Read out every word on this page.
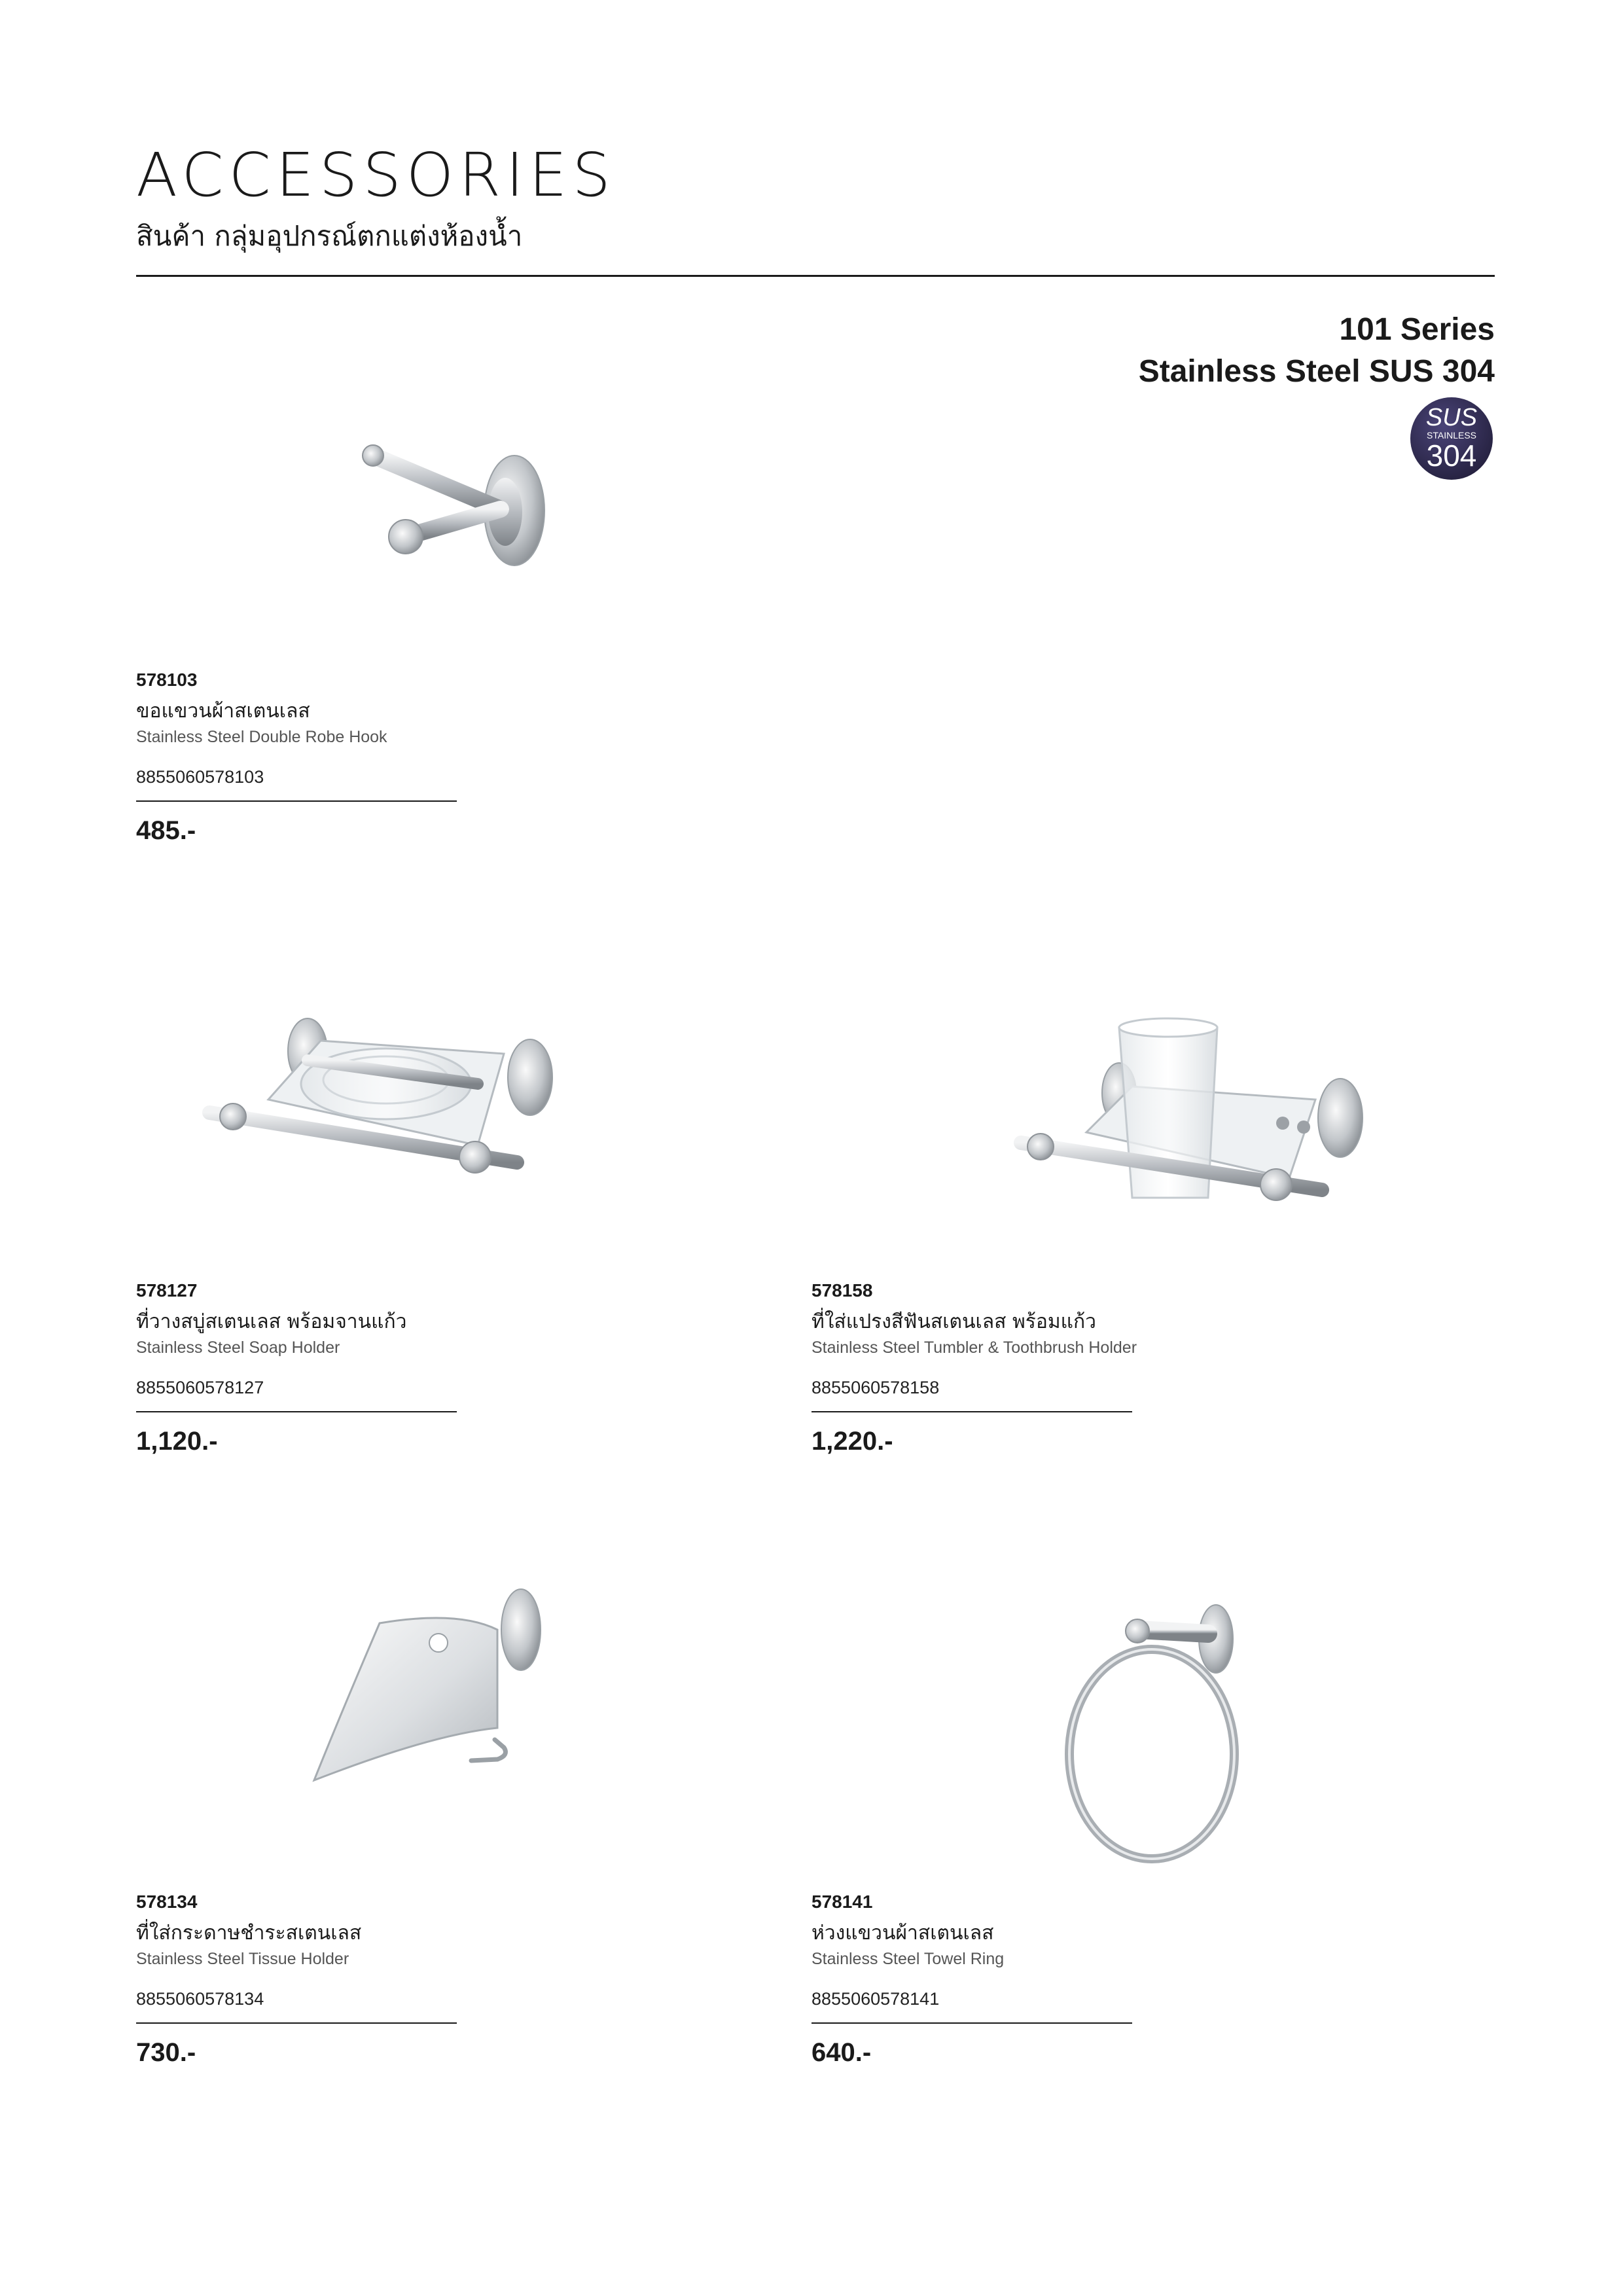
ACCESSORIES
สินค้า กลุ่มอุปกรณ์ตกแต่งห้องน้ำ
101 Series
Stainless Steel SUS 304
SUS
STAINLESS
304
578103
ขอแขวนผ้าสเตนเลส
Stainless Steel Double Robe Hook
8855060578103
485.-
578127
ที่วางสบู่สเตนเลส พร้อมจานแก้ว
Stainless Steel Soap Holder
8855060578127
1,120.-
578158
ที่ใส่แปรงสีฟันสเตนเลส พร้อมแก้ว
Stainless Steel Tumbler & Toothbrush Holder
8855060578158
1,220.-
578134
ที่ใส่กระดาษชำระสเตนเลส
Stainless Steel Tissue Holder
8855060578134
730.-
578141
ห่วงแขวนผ้าสเตนเลส
Stainless Steel Towel Ring
8855060578141
640.-
